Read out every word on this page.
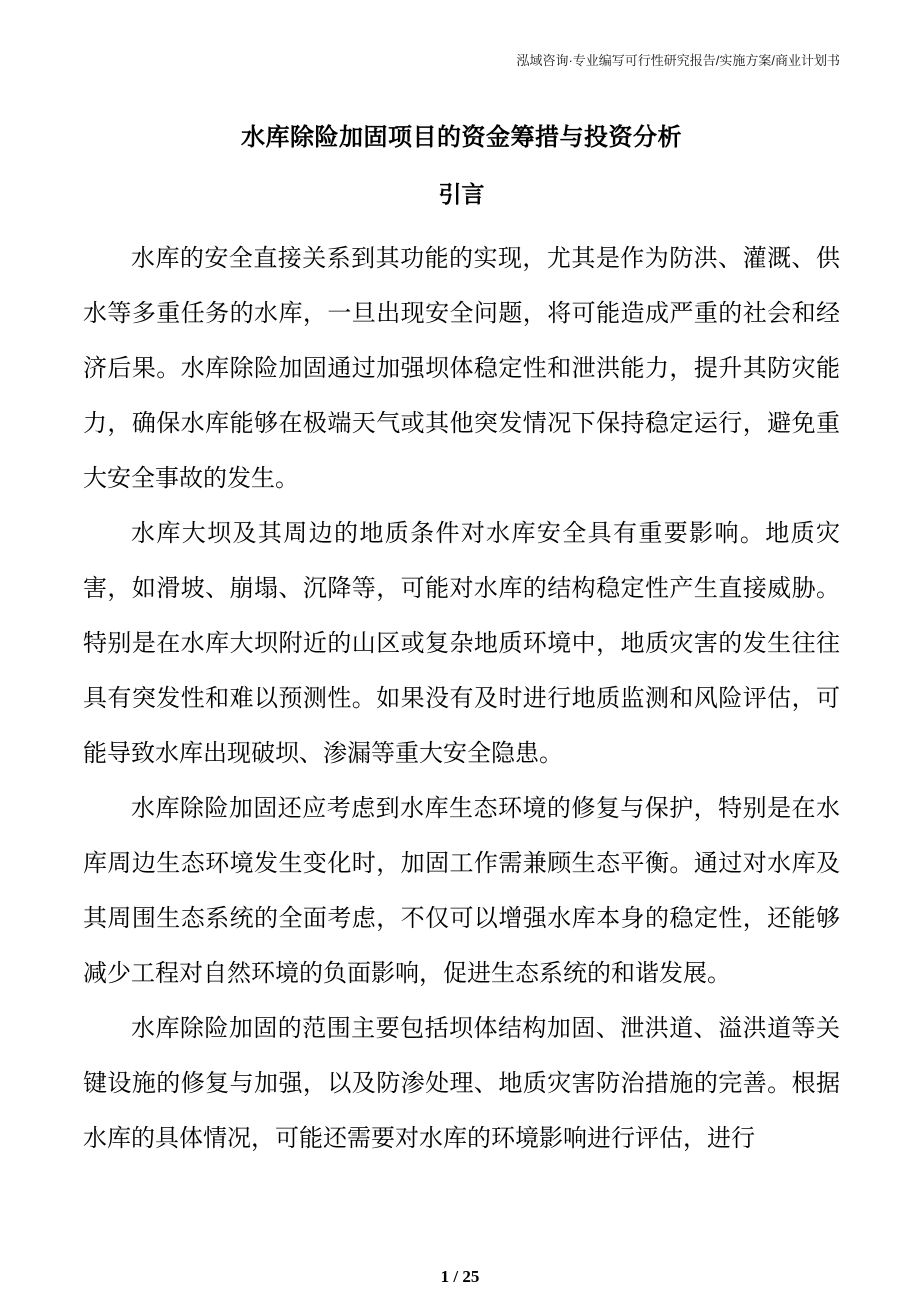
泓域咨询·专业编写可行性研究报告/实施方案/商业计划书
水库除险加固项目的资金筹措与投资分析
引言

水库的安全直接关系到其功能的实现，尤其是作为防洪、灌溉、供水等多重任务的水库，一旦出现安全问题，将可能造成严重的社会和经济后果。水库除险加固通过加强坝体稳定性和泄洪能力，提升其防灾能力，确保水库能够在极端天气或其他突发情况下保持稳定运行，避免重大安全事故的发生。

水库大坝及其周边的地质条件对水库安全具有重要影响。地质灾害，如滑坡、崩塌、沉降等，可能对水库的结构稳定性产生直接威胁。特别是在水库大坝附近的山区或复杂地质环境中，地质灾害的发生往往具有突发性和难以预测性。如果没有及时进行地质监测和风险评估，可能导致水库出现破坝、渗漏等重大安全隐患。

水库除险加固还应考虑到水库生态环境的修复与保护，特别是在水库周边生态环境发生变化时，加固工作需兼顾生态平衡。通过对水库及其周围生态系统的全面考虑，不仅可以增强水库本身的稳定性，还能够减少工程对自然环境的负面影响，促进生态系统的和谐发展。

水库除险加固的范围主要包括坝体结构加固、泄洪道、溢洪道等关键设施的修复与加强，以及防渗处理、地质灾害防治措施的完善。根据水库的具体情况，可能还需要对水库的环境影响进行评估，进行

1 / 25
